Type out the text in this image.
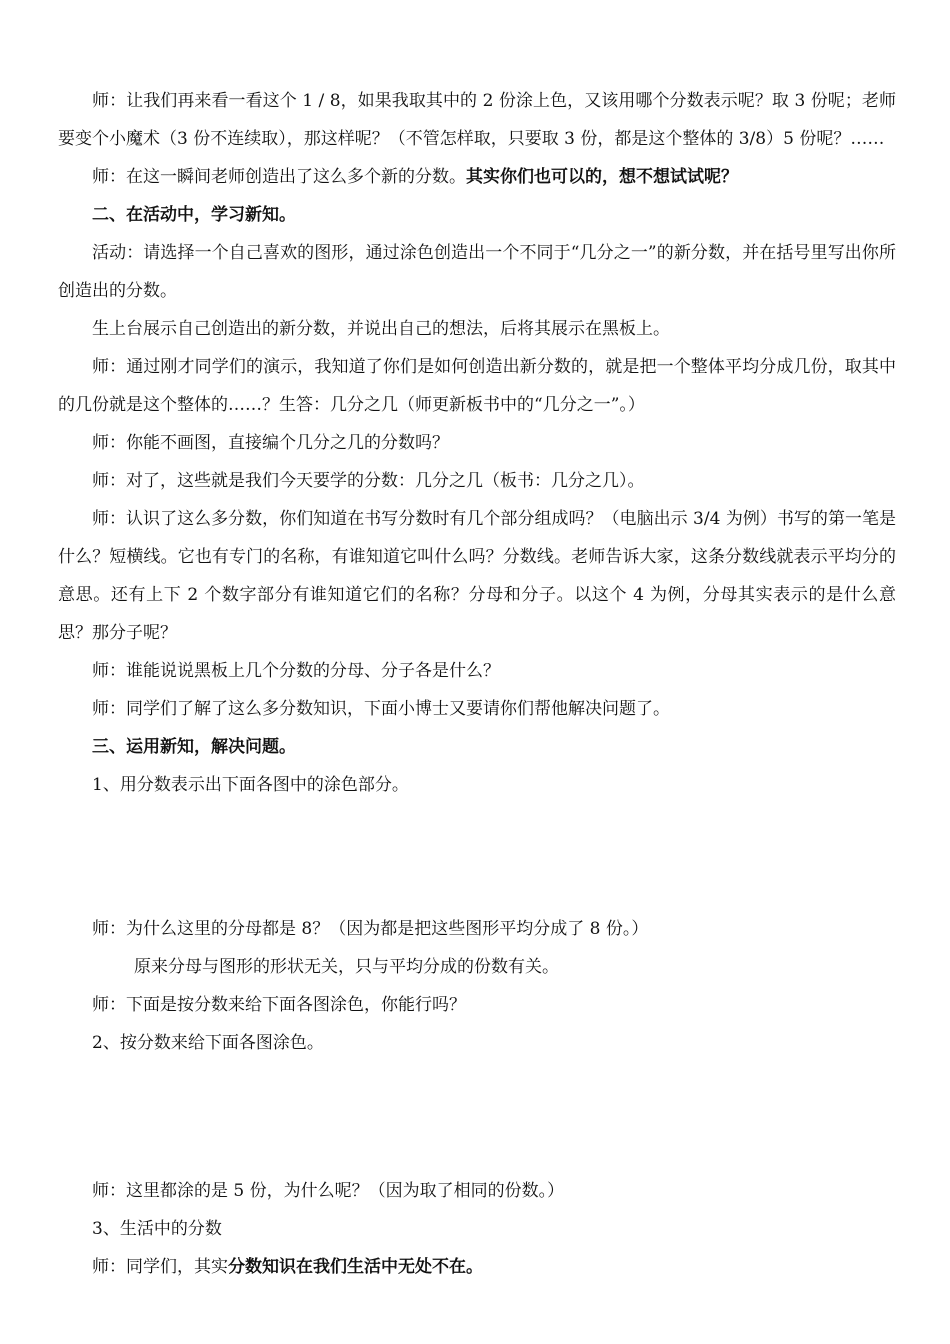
师：让我们再来看一看这个 1 / 8，如果我取其中的 2 份涂上色，又该用哪个分数表示呢？取 3 份呢；老师要变个小魔术（3 份不连续取），那这样呢？（不管怎样取，只要取 3 份，都是这个整体的 3/8）5 份呢？……

师：在这一瞬间老师创造出了这么多个新的分数。其实你们也可以的，想不想试试呢？

二、在活动中，学习新知。

活动：请选择一个自己喜欢的图形，通过涂色创造出一个不同于“几分之一”的新分数，并在括号里写出你所创造出的分数。

生上台展示自己创造出的新分数，并说出自己的想法，后将其展示在黑板上。

师：通过刚才同学们的演示，我知道了你们是如何创造出新分数的，就是把一个整体平均分成几份，取其中的几份就是这个整体的……？生答：几分之几（师更新板书中的“几分之一”。）

师：你能不画图，直接编个几分之几的分数吗？

师：对了，这些就是我们今天要学的分数：几分之几（板书：几分之几）。

师：认识了这么多分数，你们知道在书写分数时有几个部分组成吗？（电脑出示 3/4 为例）书写的第一笔是什么？短横线。它也有专门的名称，有谁知道它叫什么吗？分数线。老师告诉大家，这条分数线就表示平均分的意思。还有上下 2 个数字部分有谁知道它们的名称？分母和分子。以这个 4 为例，分母其实表示的是什么意思？那分子呢？

师：谁能说说黑板上几个分数的分母、分子各是什么？

师：同学们了解了这么多分数知识，下面小博士又要请你们帮他解决问题了。

三、运用新知，解决问题。

1、用分数表示出下面各图中的涂色部分。

师：为什么这里的分母都是 8？（因为都是把这些图形平均分成了 8 份。）

原来分母与图形的形状无关，只与平均分成的份数有关。

师：下面是按分数来给下面各图涂色，你能行吗？

2、按分数来给下面各图涂色。

师：这里都涂的是 5 份，为什么呢？（因为取了相同的份数。）

3、生活中的分数

师：同学们，其实分数知识在我们生活中无处不在。
